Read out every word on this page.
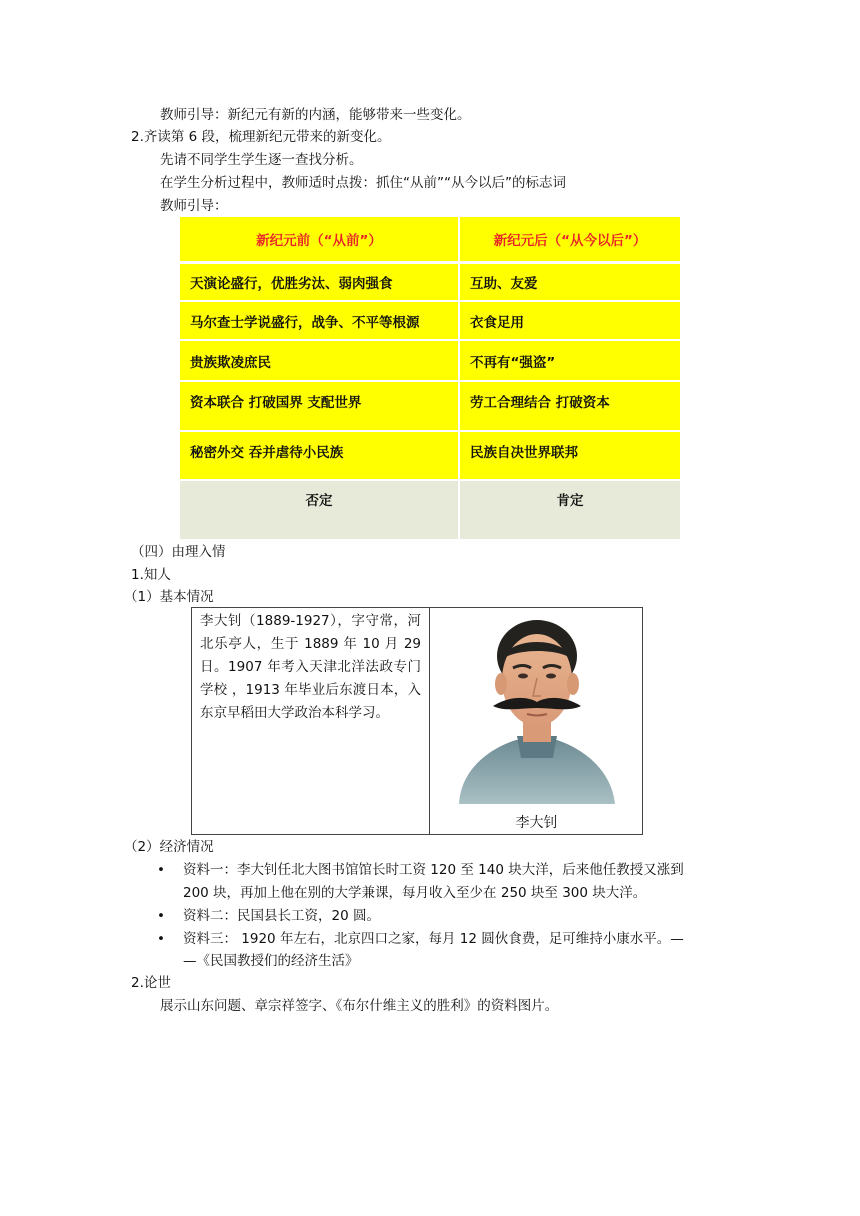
教师引导：新纪元有新的内涵，能够带来一些变化。
2.齐读第 6 段，梳理新纪元带来的新变化。
先请不同学生学生逐一查找分析。
在学生分析过程中，教师适时点拨：抓住“从前”“从今以后”的标志词
教师引导：
新纪元前（“从前”）	新纪元后（“从今以后”）
天演论盛行，优胜劣汰、弱肉强食	互助、友爱
马尔查士学说盛行，战争、不平等根源	衣食足用
贵族欺凌庶民	不再有“强盗”
资本联合 打破国界 支配世界	劳工合理结合 打破资本
秘密外交 吞并虐待小民族	民族自决世界联邦
否定	肯定
（四）由理入情
1.知人
（1）基本情况
李大钊（1889-1927），字守常，河北乐亭人，生于 1889 年 10 月 29 日。1907 年考入天津北洋法政专门学校 ，1913 年毕业后东渡日本，入东京早稻田大学政治本科学习。
李大钊
（2）经济情况
• 资料一：李大钊任北大图书馆馆长时工资 120 至 140 块大洋，后来他任教授又涨到
200 块，再加上他在别的大学兼课，每月收入至少在 250 块至 300 块大洋。
• 资料二：民国县长工资，20 圆。
• 资料三： 1920 年左右，北京四口之家，每月 12 圆伙食费，足可维持小康水平。—
—《民国教授们的经济生活》
2.论世
展示山东问题、章宗祥签字、《布尔什维主义的胜利》的资料图片。
